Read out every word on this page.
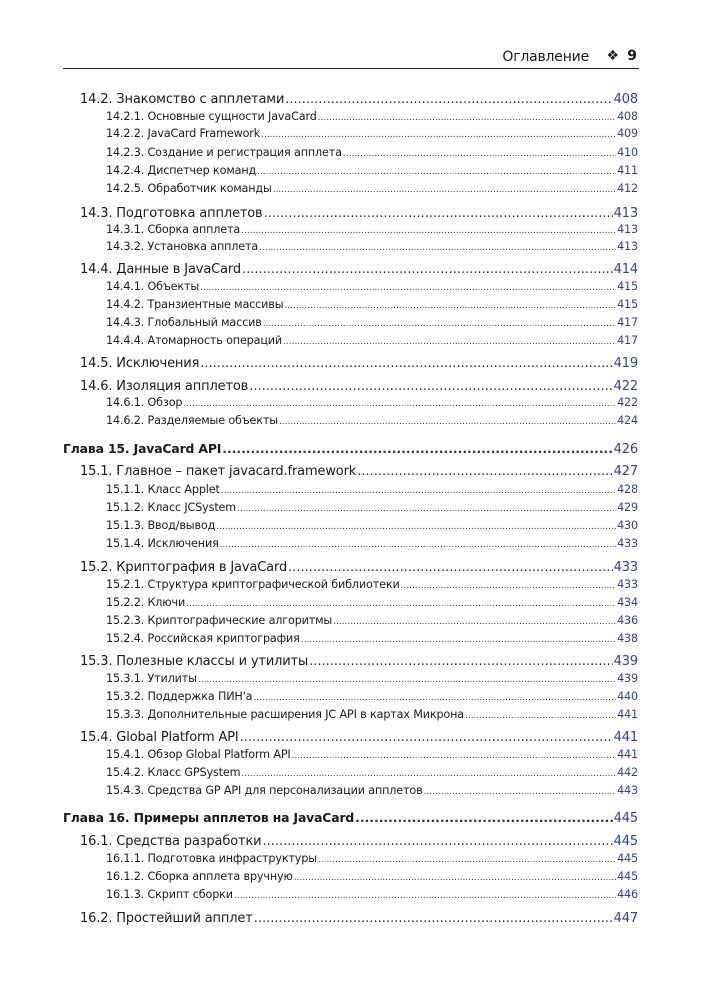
Оглавление ❖ 9
14.2. Знакомство с апплетами .....	408
14.2.1. Основные сущности JavaCard .....	408
14.2.2. JavaCard Framework .....	409
14.2.3. Создание и регистрация апплета .....	410
14.2.4. Диспетчер команд .....	411
14.2.5. Обработчик команды .....	412
14.3. Подготовка апплетов .....	413
14.3.1. Сборка апплета .....	413
14.3.2. Установка апплета .....	413
14.4. Данные в JavaCard .....	414
14.4.1. Объекты .....	415
14.4.2. Транзиентные массивы .....	415
14.4.3. Глобальный массив .....	417
14.4.4. Атомарность операций .....	417
14.5. Исключения .....	419
14.6. Изоляция апплетов .....	422
14.6.1. Обзор .....	422
14.6.2. Разделяемые объекты .....	424
Глава 15. JavaCard API .....	426
15.1. Главное – пакет javacard.framework .....	427
15.1.1. Класс Applet .....	428
15.1.2. Класс JCSystem .....	429
15.1.3. Ввод/вывод .....	430
15.1.4. Исключения .....	433
15.2. Криптография в JavaCard .....	433
15.2.1. Структура криптографической библиотеки .....	433
15.2.2. Ключи .....	434
15.2.3. Криптографические алгоритмы .....	436
15.2.4. Российская криптография .....	438
15.3. Полезные классы и утилиты .....	439
15.3.1. Утилиты .....	439
15.3.2. Поддержка ПИН'а .....	440
15.3.3. Дополнительные расширения JC API в картах Микрона .....	441
15.4. Global Platform API .....	441
15.4.1. Обзор Global Platform API .....	441
15.4.2. Класс GPSystem .....	442
15.4.3. Средства GP API для персонализации апплетов .....	443
Глава 16. Примеры апплетов на JavaCard .....	445
16.1. Средства разработки .....	445
16.1.1. Подготовка инфраструктуры .....	445
16.1.2. Сборка апплета вручную .....	445
16.1.3. Скрипт сборки .....	446
16.2. Простейший апплет .....	447
